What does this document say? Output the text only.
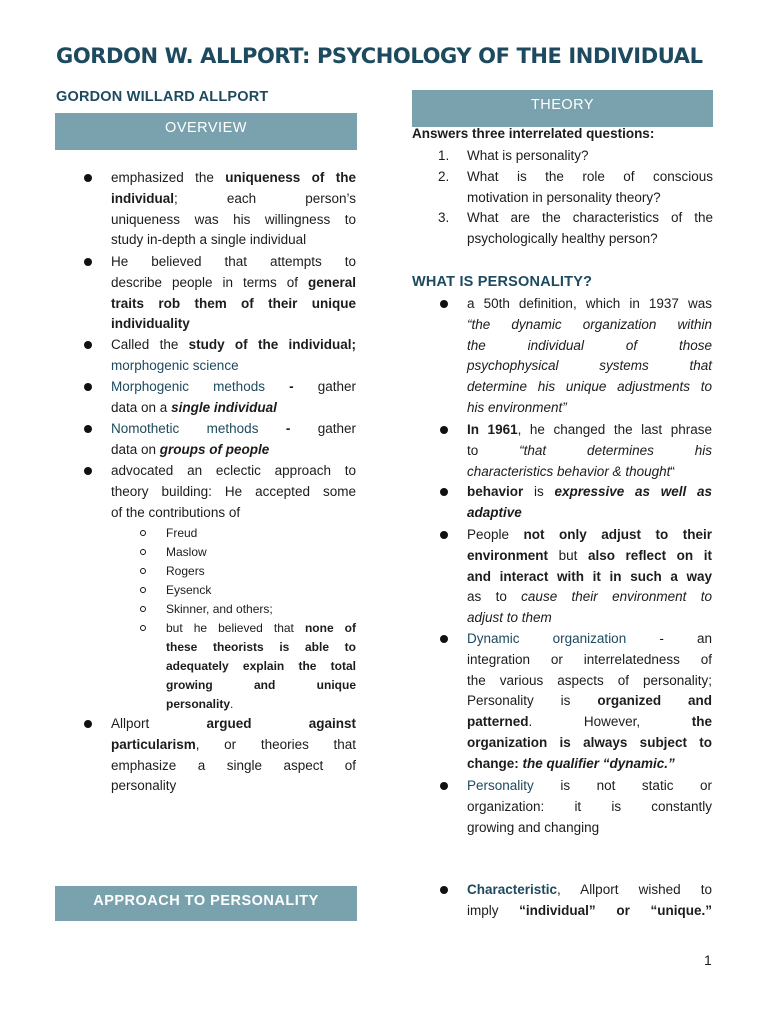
GORDON W. ALLPORT: PSYCHOLOGY OF THE INDIVIDUAL
GORDON WILLARD ALLPORT
OVERVIEW
THEORY
APPROACH TO PERSONALITY
emphasized the uniqueness of the
individual; each person’s
uniqueness was his willingness to
study in-depth a single individual
He believed that attempts to
describe people in terms of general
traits rob them of their unique
individuality
Called the study of the individual;
morphogenic science
Morphogenic methods - gather
data on a single individual
Nomothetic methods - gather
data on groups of people
advocated an eclectic approach to
theory building: He accepted some
of the contributions of
Freud
Maslow
Rogers
Eysenck
Skinner, and others;
but he believed that none of
these theorists is able to
adequately explain the total
growing and unique
personality.
Allport argued against
particularism, or theories that
emphasize a single aspect of
personality
Answers three interrelated questions:
1. What is personality?
2. What is the role of conscious
motivation in personality theory?
3. What are the characteristics of the
psychologically healthy person?
WHAT IS PERSONALITY?
a 50th definition, which in 1937 was
“the dynamic organization within
the individual of those
psychophysical systems that
determine his unique adjustments to
his environment”
In 1961, he changed the last phrase
to “that determines his
characteristics behavior & thought“
behavior is expressive as well as
adaptive
People not only adjust to their
environment but also reflect on it
and interact with it in such a way
as to cause their environment to
adjust to them
Dynamic organization - an
integration or interrelatedness of
the various aspects of personality;
Personality is organized and
patterned. However, the
organization is always subject to
change: the qualifier “dynamic.”
Personality is not static or
organization: it is constantly
growing and changing
Characteristic, Allport wished to
imply “individual” or “unique.”
1
